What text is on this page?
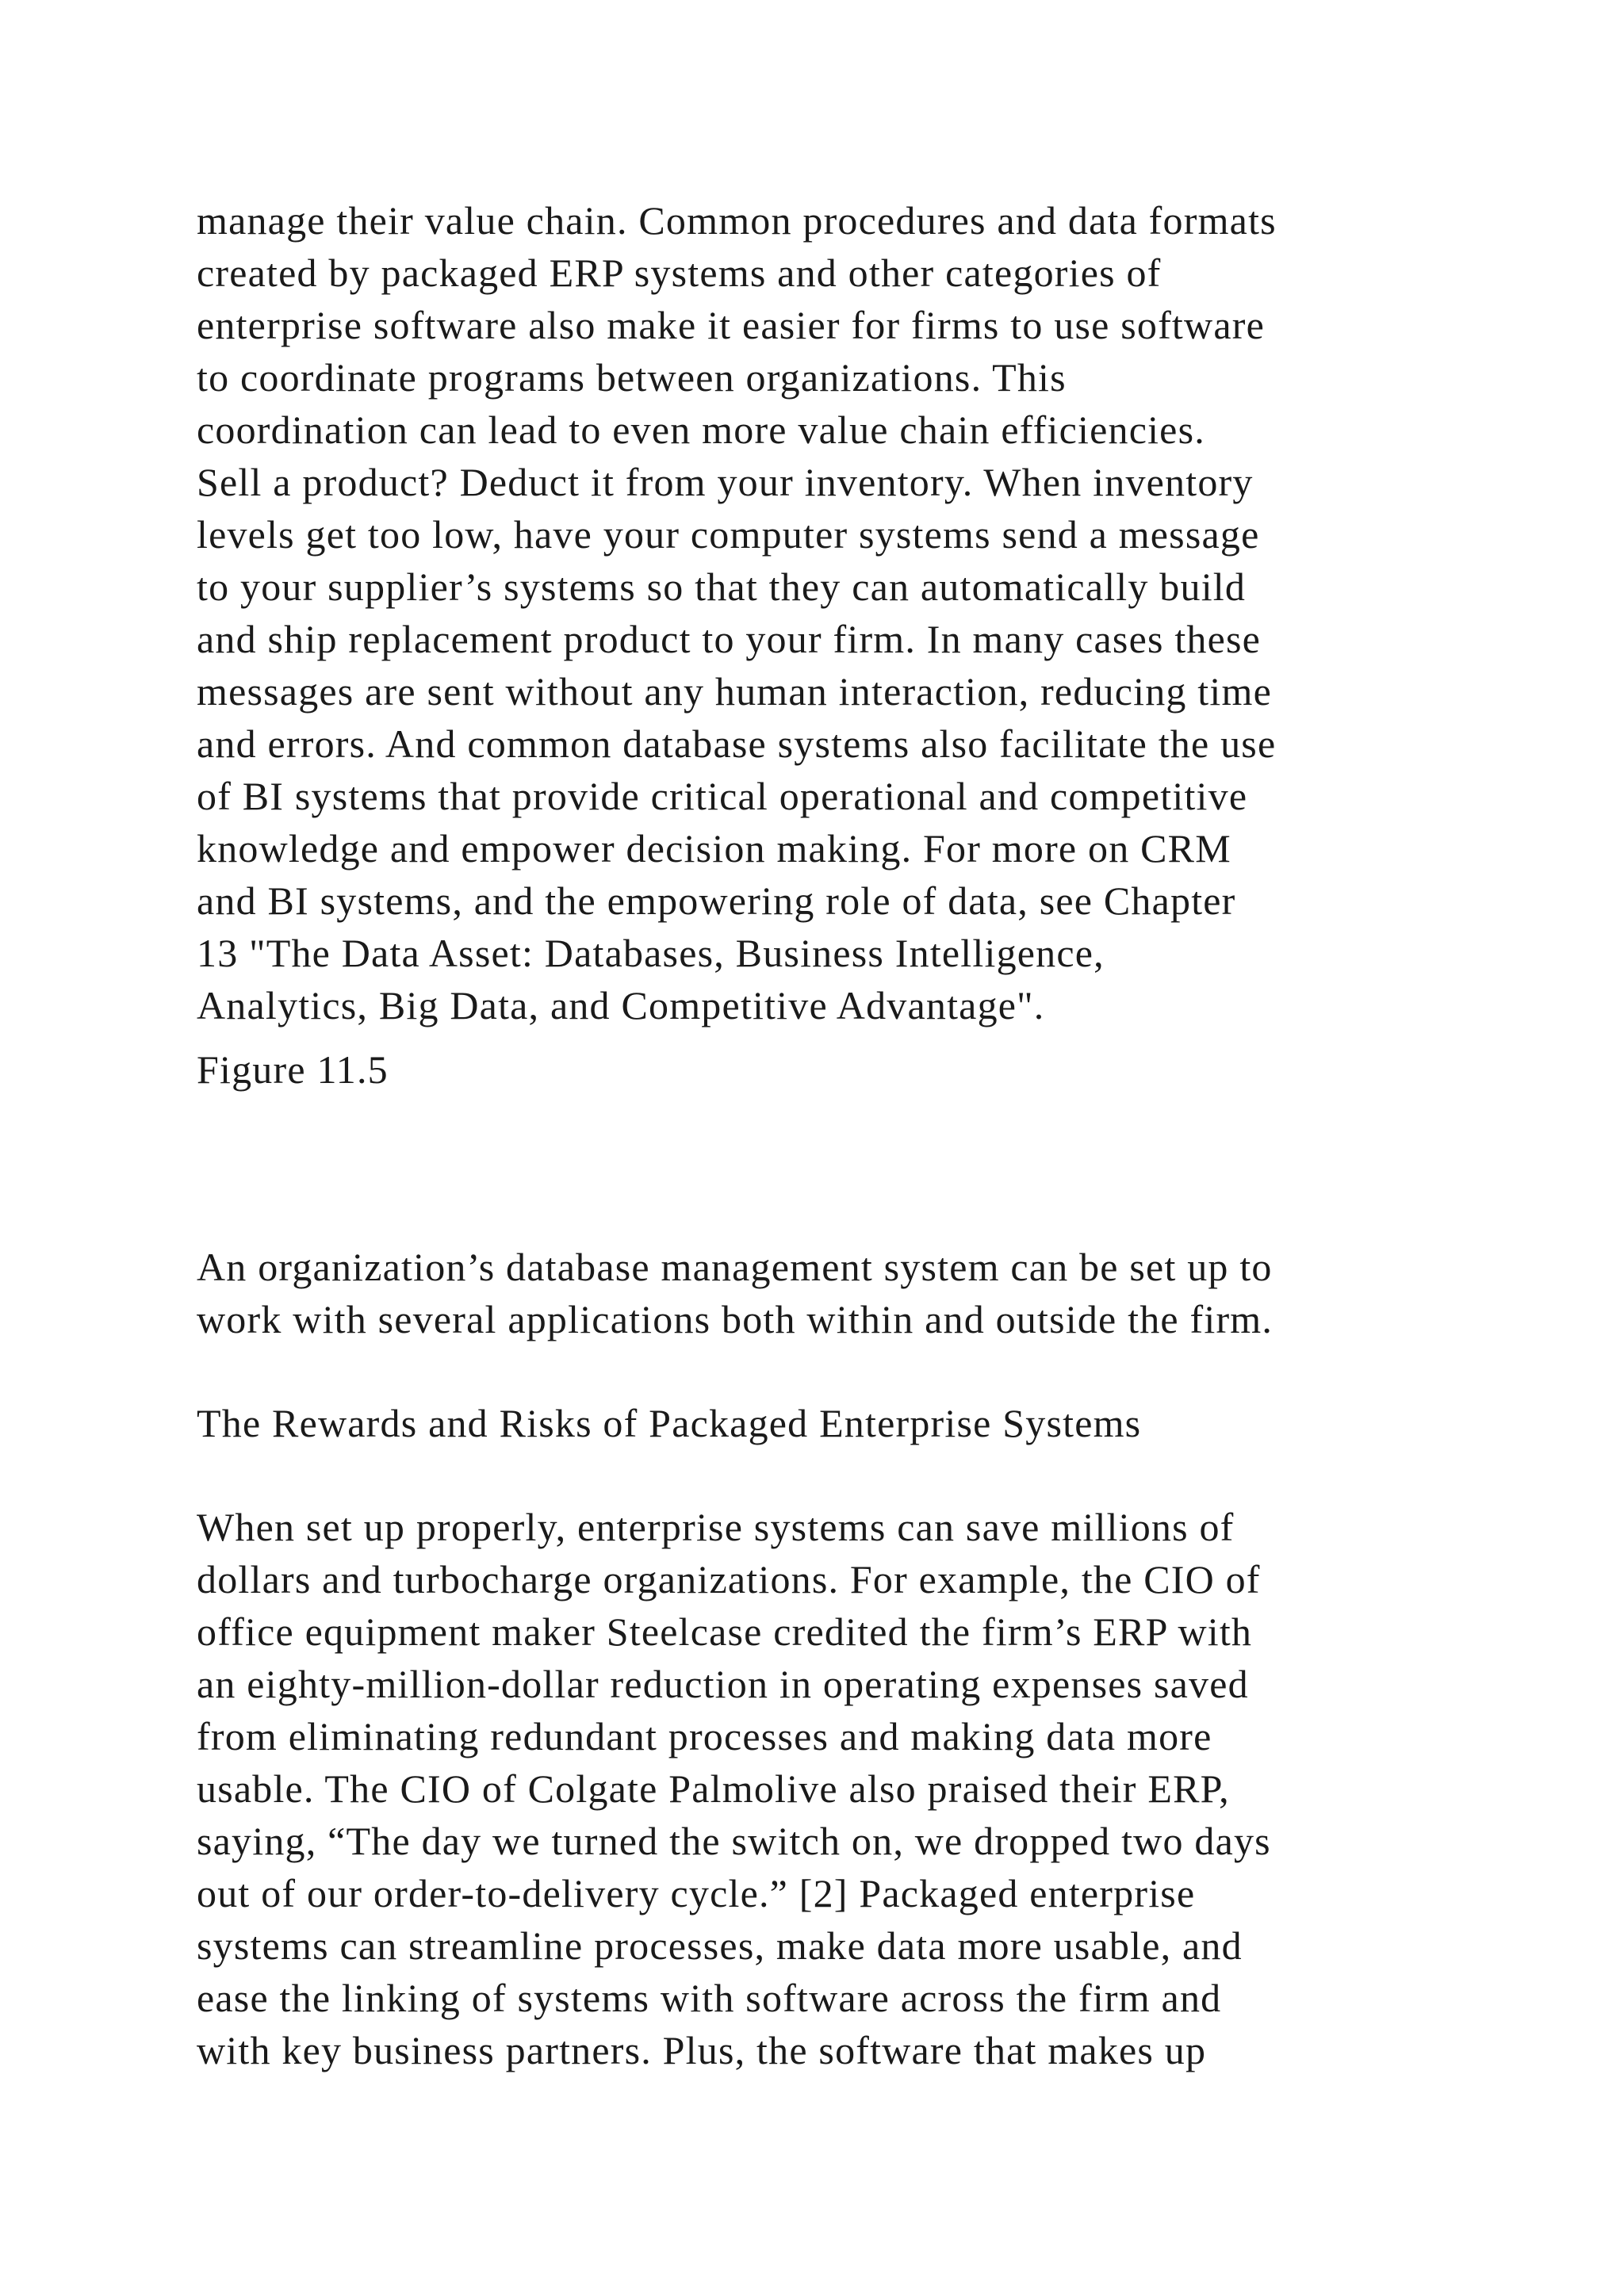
manage their value chain. Common procedures and data formats
created by packaged ERP systems and other categories of
enterprise software also make it easier for firms to use software
to coordinate programs between organizations. This
coordination can lead to even more value chain efficiencies.
Sell a product? Deduct it from your inventory. When inventory
levels get too low, have your computer systems send a message
to your supplier’s systems so that they can automatically build
and ship replacement product to your firm. In many cases these
messages are sent without any human interaction, reducing time
and errors. And common database systems also facilitate the use
of BI systems that provide critical operational and competitive
knowledge and empower decision making. For more on CRM
and BI systems, and the empowering role of data, see Chapter
13 "The Data Asset: Databases, Business Intelligence,
Analytics, Big Data, and Competitive Advantage".
Figure 11.5
An organization’s database management system can be set up to
work with several applications both within and outside the firm.
The Rewards and Risks of Packaged Enterprise Systems
When set up properly, enterprise systems can save millions of
dollars and turbocharge organizations. For example, the CIO of
office equipment maker Steelcase credited the firm’s ERP with
an eighty-million-dollar reduction in operating expenses saved
from eliminating redundant processes and making data more
usable. The CIO of Colgate Palmolive also praised their ERP,
saying, “The day we turned the switch on, we dropped two days
out of our order-to-delivery cycle.” [2] Packaged enterprise
systems can streamline processes, make data more usable, and
ease the linking of systems with software across the firm and
with key business partners. Plus, the software that makes up
